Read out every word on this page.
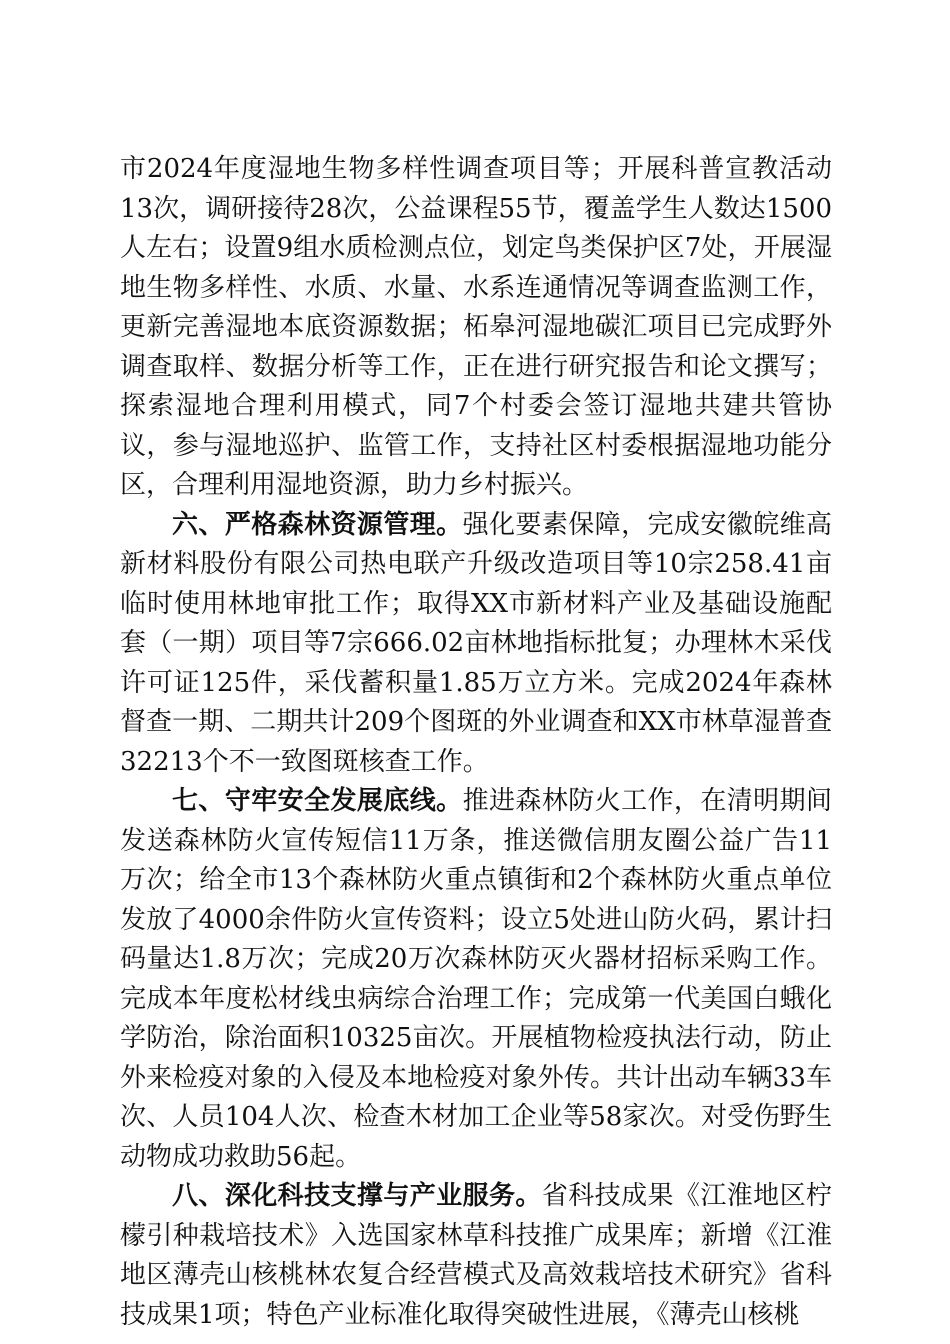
市2024年度湿地生物多样性调查项目等；开展科普宣教活动13次，调研接待28次，公益课程55节，覆盖学生人数达1500人左右；设置9组水质检测点位，划定鸟类保护区7处，开展湿地生物多样性、水质、水量、水系连通情况等调查监测工作，更新完善湿地本底资源数据；柘皋河湿地碳汇项目已完成野外调查取样、数据分析等工作，正在进行研究报告和论文撰写；探索湿地合理利用模式，同7个村委会签订湿地共建共管协议，参与湿地巡护、监管工作，支持社区村委根据湿地功能分区，合理利用湿地资源，助力乡村振兴。

六、严格森林资源管理。强化要素保障，完成安徽皖维高新材料股份有限公司热电联产升级改造项目等10宗258.41亩临时使用林地审批工作；取得XX市新材料产业及基础设施配套（一期）项目等7宗666.02亩林地指标批复；办理林木采伐许可证125件，采伐蓄积量1.85万立方米。完成2024年森林督查一期、二期共计209个图斑的外业调查和XX市林草湿普查32213个不一致图斑核查工作。

七、守牢安全发展底线。推进森林防火工作，在清明期间发送森林防火宣传短信11万条，推送微信朋友圈公益广告11万次；给全市13个森林防火重点镇街和2个森林防火重点单位发放了4000余件防火宣传资料；设立5处进山防火码，累计扫码量达1.8万次；完成20万次森林防灭火器材招标采购工作。完成本年度松材线虫病综合治理工作；完成第一代美国白蛾化学防治，除治面积10325亩次。开展植物检疫执法行动，防止外来检疫对象的入侵及本地检疫对象外传。共计出动车辆33车次、人员104人次、检查木材加工企业等58家次。对受伤野生动物成功救助56起。

八、深化科技支撑与产业服务。省科技成果《江淮地区柠檬引种栽培技术》入选国家林草科技推广成果库；新增《江淮地区薄壳山核桃林农复合经营模式及高效栽培技术研究》省科技成果1项；特色产业标准化取得突破性进展，《薄壳山核桃
